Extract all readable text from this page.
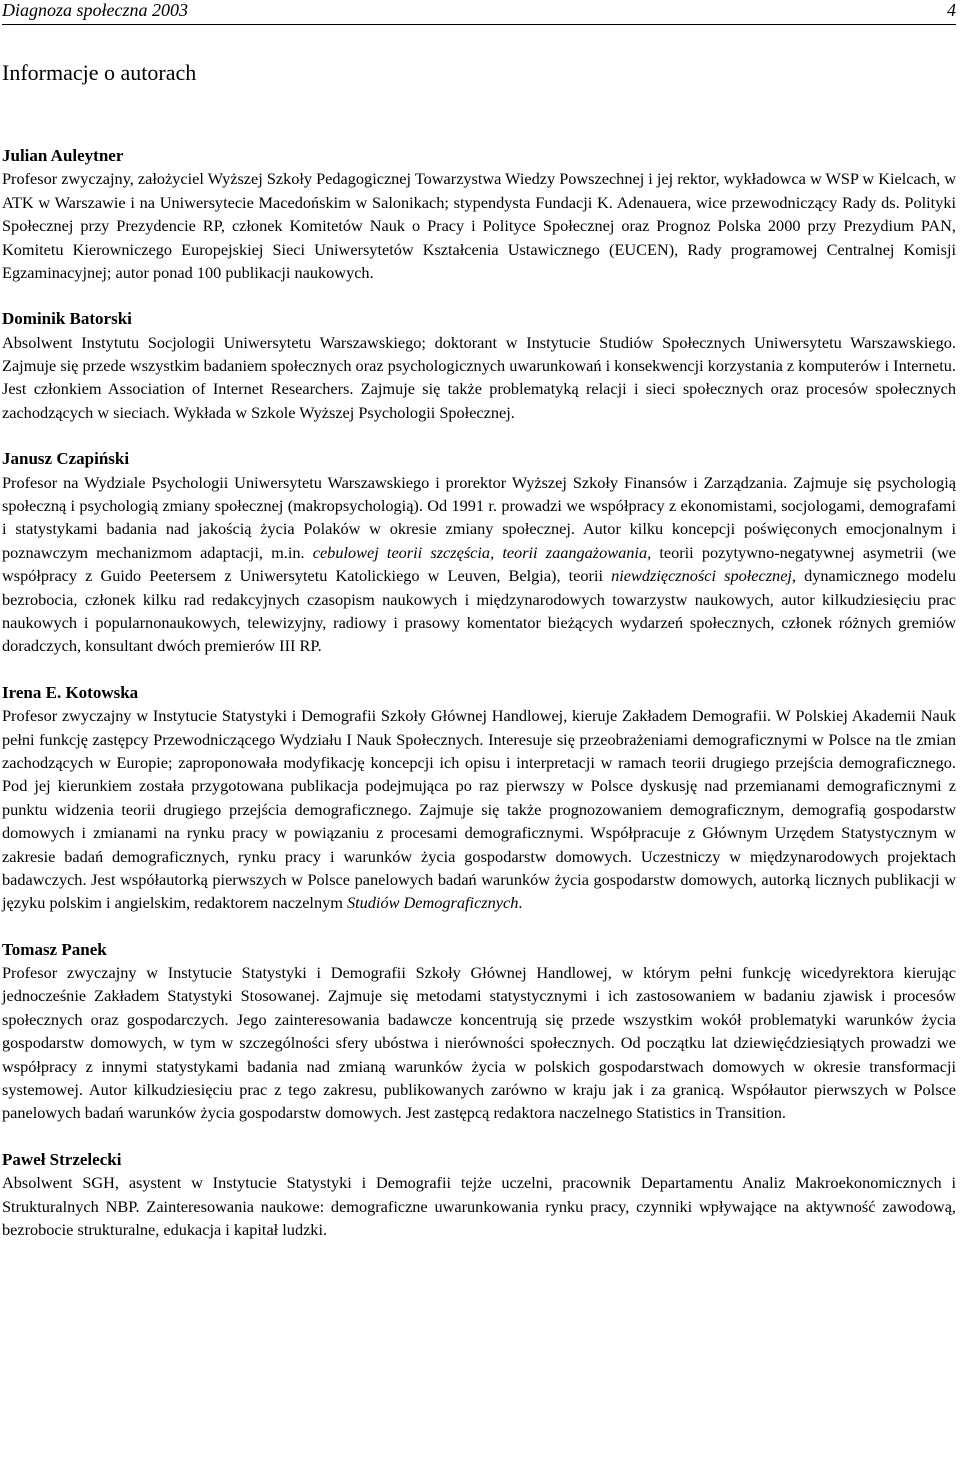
Diagnoza społeczna 2003	4
Informacje o autorach

Julian Auleytner

Profesor zwyczajny, założyciel Wyższej Szkoły Pedagogicznej Towarzystwa Wiedzy Powszechnej i jej rektor, wykładowca w WSP w Kielcach, w ATK w Warszawie i na Uniwersytecie Macedońskim w Salonikach; stypendysta Fundacji K. Adenauera, wice przewodniczący Rady ds. Polityki Społecznej przy Prezydencie RP, członek Komitetów Nauk o Pracy i Polityce Społecznej oraz Prognoz Polska 2000 przy Prezydium PAN, Komitetu Kierowniczego Europejskiej Sieci Uniwersytetów Kształcenia Ustawicznego (EUCEN), Rady programowej Centralnej Komisji Egzaminacyjnej; autor ponad 100 publikacji naukowych.

Dominik Batorski

Absolwent Instytutu Socjologii Uniwersytetu Warszawskiego; doktorant w Instytucie Studiów Społecznych Uniwersytetu Warszawskiego. Zajmuje się przede wszystkim badaniem społecznych oraz psychologicznych uwarunkowań i konsekwencji korzystania z komputerów i Internetu. Jest członkiem Association of Internet Researchers. Zajmuje się także problematyką relacji i sieci społecznych oraz procesów społecznych zachodzących w sieciach. Wykłada w Szkole Wyższej Psychologii Społecznej.

Janusz Czapiński

Profesor na Wydziale Psychologii Uniwersytetu Warszawskiego i prorektor Wyższej Szkoły Finansów i Zarządzania. Zajmuje się psychologią społeczną i psychologią zmiany społecznej (makropsychologią). Od 1991 r. prowadzi we współpracy z ekonomistami, socjologami, demografami i statystykami badania nad jakością życia Polaków w okresie zmiany społecznej. Autor kilku koncepcji poświęconych emocjonalnym i poznawczym mechanizmom adaptacji, m.in. cebulowej teorii szczęścia, teorii zaangażowania, teorii pozytywno-negatywnej asymetrii (we współpracy z Guido Peetersem z Uniwersytetu Katolickiego w Leuven, Belgia), teorii niewdzięczności społecznej, dynamicznego modelu bezrobocia, członek kilku rad redakcyjnych czasopism naukowych i międzynarodowych towarzystw naukowych, autor kilkudziesięciu prac naukowych i popularnonaukowych, telewizyjny, radiowy i prasowy komentator bieżących wydarzeń społecznych, członek różnych gremiów doradczych, konsultant dwóch premierów III RP.

Irena E. Kotowska

Profesor zwyczajny w Instytucie Statystyki i Demografii Szkoły Głównej Handlowej, kieruje Zakładem Demografii. W Polskiej Akademii Nauk pełni funkcję zastępcy Przewodniczącego Wydziału I Nauk Społecznych. Interesuje się przeobrażeniami demograficznymi w Polsce na tle zmian zachodzących w Europie; zaproponowała modyfikację koncepcji ich opisu i interpretacji w ramach teorii drugiego przejścia demograficznego. Pod jej kierunkiem została przygotowana publikacja podejmująca po raz pierwszy w Polsce dyskusję nad przemianami demograficznymi z punktu widzenia teorii drugiego przejścia demograficznego. Zajmuje się także prognozowaniem demograficznym, demografią gospodarstw domowych i zmianami na rynku pracy w powiązaniu z procesami demograficznymi. Współpracuje z Głównym Urzędem Statystycznym w zakresie badań demograficznych, rynku pracy i warunków życia gospodarstw domowych. Uczestniczy w międzynarodowych projektach badawczych. Jest współautorką pierwszych w Polsce panelowych badań warunków życia gospodarstw domowych, autorką licznych publikacji w języku polskim i angielskim, redaktorem naczelnym Studiów Demograficznych.

Tomasz Panek

Profesor zwyczajny w Instytucie Statystyki i Demografii Szkoły Głównej Handlowej, w którym pełni funkcję wicedyrektora kierując jednocześnie Zakładem Statystyki Stosowanej. Zajmuje się metodami statystycznymi i ich zastosowaniem w badaniu zjawisk i procesów społecznych oraz gospodarczych. Jego zainteresowania badawcze koncentrują się przede wszystkim wokół problematyki warunków życia gospodarstw domowych, w tym w szczególności sfery ubóstwa i nierówności społecznych. Od początku lat dziewięćdziesiątych prowadzi we współpracy z innymi statystykami badania nad zmianą warunków życia w polskich gospodarstwach domowych w okresie transformacji systemowej. Autor kilkudziesięciu prac z tego zakresu, publikowanych zarówno w kraju jak i za granicą. Współautor pierwszych w Polsce panelowych badań warunków życia gospodarstw domowych. Jest zastępcą redaktora naczelnego Statistics in Transition.

Paweł Strzelecki

Absolwent SGH, asystent w Instytucie Statystyki i Demografii tejże uczelni, pracownik Departamentu Analiz Makroekonomicznych i Strukturalnych NBP. Zainteresowania naukowe: demograficzne uwarunkowania rynku pracy, czynniki wpływające na aktywność zawodową, bezrobocie strukturalne, edukacja i kapitał ludzki.
